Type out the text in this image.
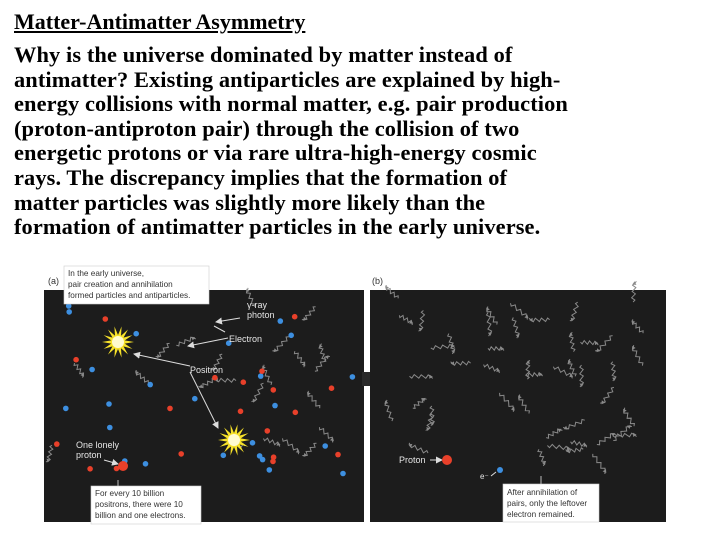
Matter-Antimatter Asymmetry
Why is the universe dominated by matter instead of
antimatter? Existing antiparticles are explained by high-
energy collisions with normal matter, e.g. pair production
(proton-antiproton pair) through the collision of two
energetic protons or via rare ultra-high-energy cosmic
rays. The discrepancy implies that the formation of
matter particles was slightly more likely than the
formation of antimatter particles in the early universe.
(a)	(b)
γ-ray
photon
Electron
Positron
One lonely
proton
In the early universe,
pair creation and annihilation
formed particles and antiparticles.
For every 10 billion
positrons, there were 10
billion and one electrons.
Proton
e⁻
After annihilation of
pairs, only the leftover
electron remained.
